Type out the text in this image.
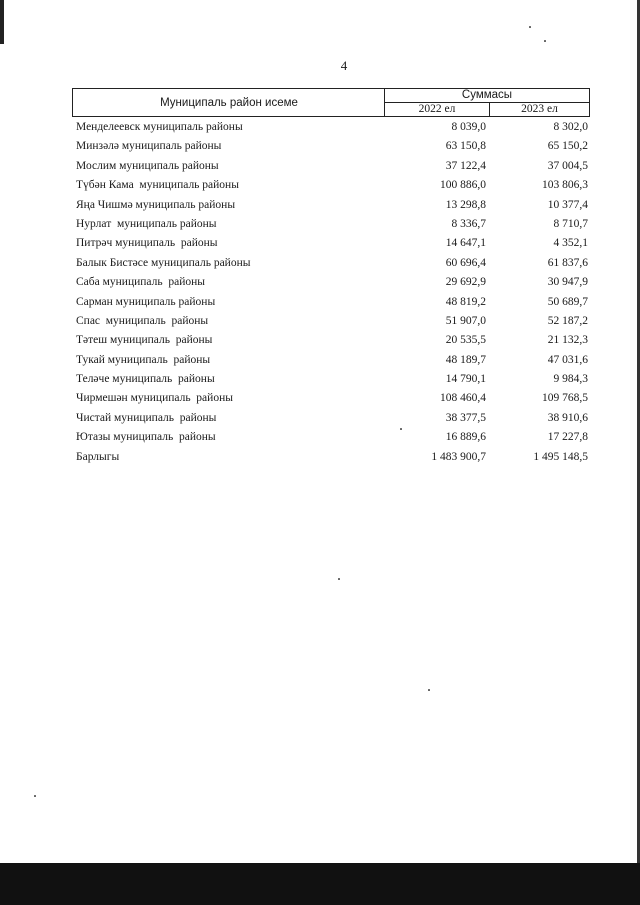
4
Муниципаль район исеме
Суммасы
2022 ел	2023 ел
Менделеевск муниципаль районы	8 039,0	8 302,0
Минзәлә муниципаль районы	63 150,8	65 150,2
Мослим муниципаль районы	37 122,4	37 004,5
Түбән Кама  муниципаль районы	100 886,0	103 806,3
Яңа Чишмә муниципаль районы	13 298,8	10 377,4
Нурлат  муниципаль районы	8 336,7	8 710,7
Питрәч муниципаль  районы	14 647,1	4 352,1
Балык Бистәсе муниципаль районы	60 696,4	61 837,6
Саба муниципаль  районы	29 692,9	30 947,9
Сарман муниципаль районы	48 819,2	50 689,7
Спас  муниципаль  районы	51 907,0	52 187,2
Тәтеш муниципаль  районы	20 535,5	21 132,3
Тукай муниципаль  районы	48 189,7	47 031,6
Теләче муниципаль  районы	14 790,1	9 984,3
Чирмешән муниципаль  районы	108 460,4	109 768,5
Чистай муниципаль  районы	38 377,5	38 910,6
Ютазы муниципаль  районы	16 889,6	17 227,8
Барлыгы	1 483 900,7	1 495 148,5
